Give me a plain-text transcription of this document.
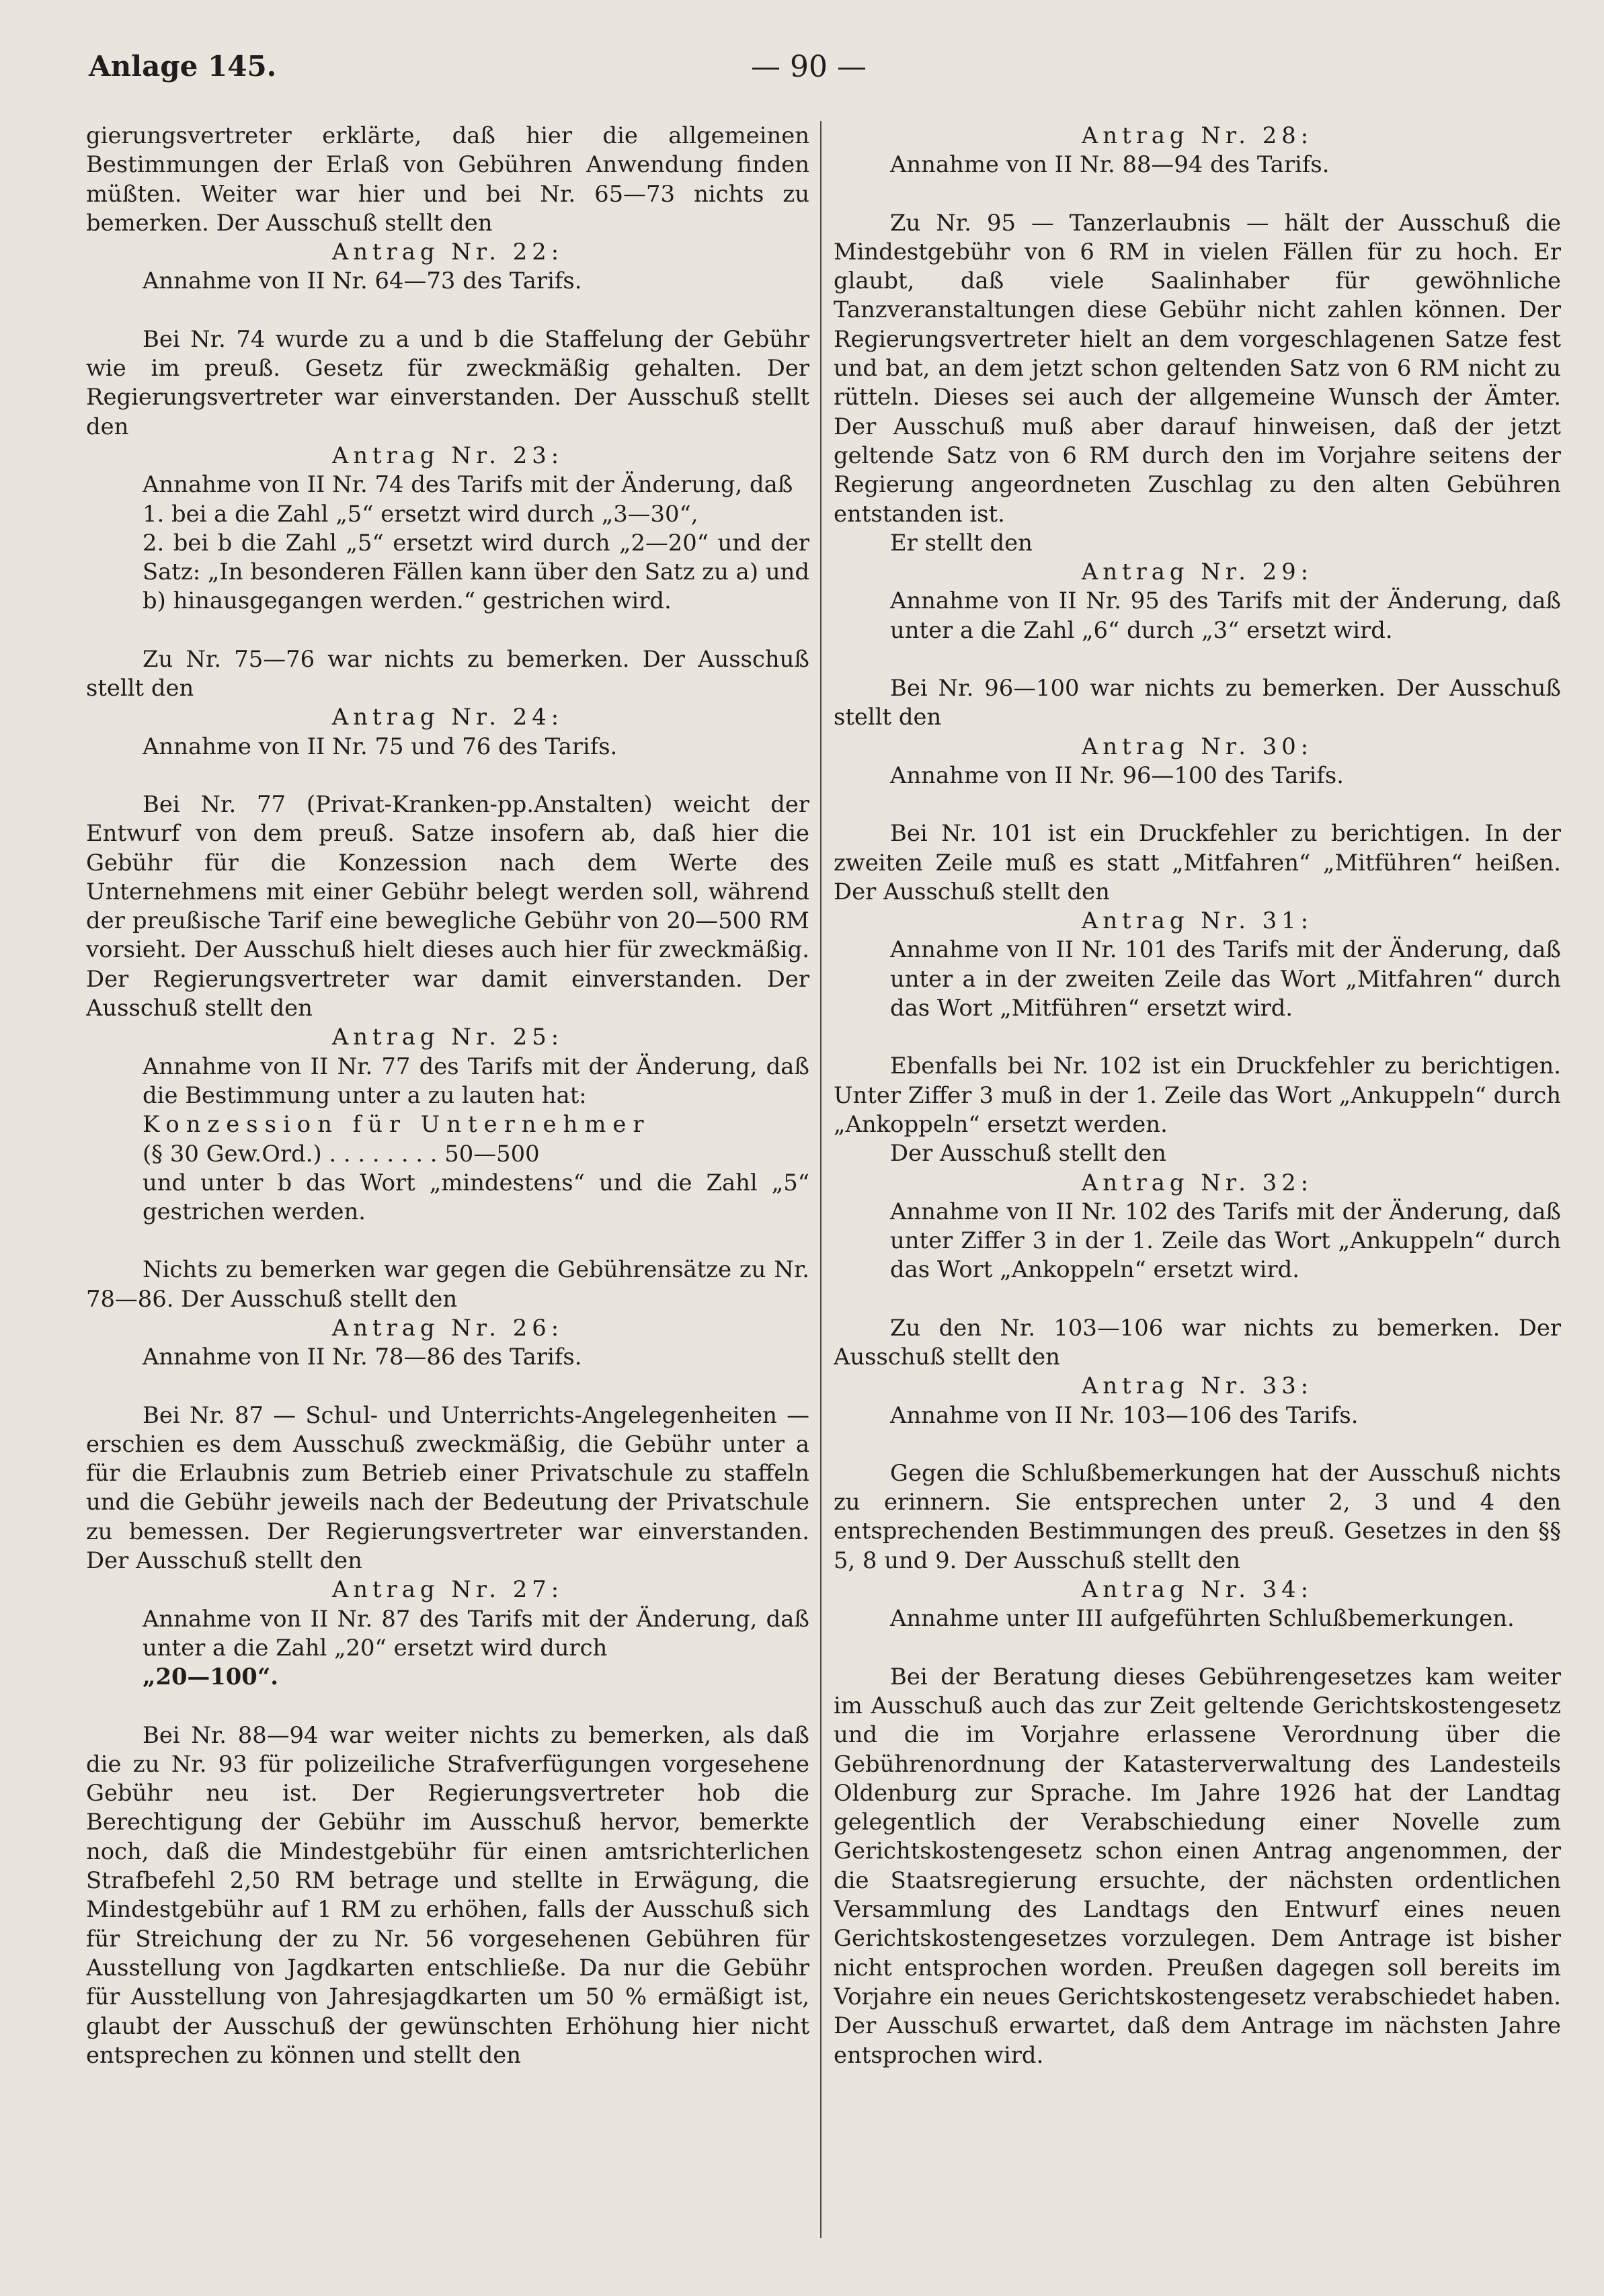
— 90 —
Anlage 145.

gierungsvertreter erklärte, daß hier die allgemeinen Bestimmungen der Erlaß von Gebühren Anwendung finden müßten. Weiter war hier und bei Nr. 65—73 nichts zu bemerken. Der Ausschuß stellt den

Antrag Nr. 22:

Annahme von II Nr. 64—73 des Tarifs.

Bei Nr. 74 wurde zu a und b die Staffelung der Gebühr wie im preuß. Gesetz für zweckmäßig gehalten. Der Regierungsvertreter war einverstanden. Der Ausschuß stellt den

Antrag Nr. 23:

Annahme von II Nr. 74 des Tarifs mit der Änderung, daß

1. bei a die Zahl „5“ ersetzt wird durch „3—30“,

2. bei b die Zahl „5“ ersetzt wird durch „2—20“ und der Satz: „In besonderen Fällen kann über den Satz zu a) und b) hinausgegangen werden.“ gestrichen wird.

Zu Nr. 75—76 war nichts zu bemerken. Der Ausschuß stellt den

Antrag Nr. 24:

Annahme von II Nr. 75 und 76 des Tarifs.

Bei Nr. 77 (Privat-Kranken-pp.Anstalten) weicht der Entwurf von dem preuß. Satze insofern ab, daß hier die Gebühr für die Konzession nach dem Werte des Unternehmens mit einer Gebühr belegt werden soll, während der preußische Tarif eine bewegliche Gebühr von 20—500 RM vorsieht. Der Ausschuß hielt dieses auch hier für zweckmäßig. Der Regierungsvertreter war damit einverstanden. Der Ausschuß stellt den

Antrag Nr. 25:

Annahme von II Nr. 77 des Tarifs mit der Änderung, daß die Bestimmung unter a zu lauten hat:

Konzession für Unternehmer

(§ 30 Gew.Ord.) . . . . . . . . 50—500

und unter b das Wort „mindestens“ und die Zahl „5“ gestrichen werden.

Nichts zu bemerken war gegen die Gebührensätze zu Nr. 78—86. Der Ausschuß stellt den

Antrag Nr. 26:

Annahme von II Nr. 78—86 des Tarifs.

Bei Nr. 87 — Schul- und Unterrichts-Angelegenheiten — erschien es dem Ausschuß zweckmäßig, die Gebühr unter a für die Erlaubnis zum Betrieb einer Privatschule zu staffeln und die Gebühr jeweils nach der Bedeutung der Privatschule zu bemessen. Der Regierungsvertreter war einverstanden. Der Ausschuß stellt den

Antrag Nr. 27:

Annahme von II Nr. 87 des Tarifs mit der Änderung, daß unter a die Zahl „20“ ersetzt wird durch

„20—100“.

Bei Nr. 88—94 war weiter nichts zu bemerken, als daß die zu Nr. 93 für polizeiliche Strafverfügungen vorgesehene Gebühr neu ist. Der Regierungsvertreter hob die Berechtigung der Gebühr im Ausschuß hervor, bemerkte noch, daß die Mindestgebühr für einen amtsrichterlichen Strafbefehl 2,50 RM betrage und stellte in Erwägung, die Mindestgebühr auf 1 RM zu erhöhen, falls der Ausschuß sich für Streichung der zu Nr. 56 vorgesehenen Gebühren für Ausstellung von Jagdkarten entschließe. Da nur die Gebühr für Ausstellung von Jahresjagdkarten um 50 % ermäßigt ist, glaubt der Ausschuß der gewünschten Erhöhung hier nicht entsprechen zu können und stellt den

Antrag Nr. 28:

Annahme von II Nr. 88—94 des Tarifs.

Zu Nr. 95 — Tanzerlaubnis — hält der Ausschuß die Mindestgebühr von 6 RM in vielen Fällen für zu hoch. Er glaubt, daß viele Saalinhaber für gewöhnliche Tanzveranstaltungen diese Gebühr nicht zahlen können. Der Regierungsvertreter hielt an dem vorgeschlagenen Satze fest und bat, an dem jetzt schon geltenden Satz von 6 RM nicht zu rütteln. Dieses sei auch der allgemeine Wunsch der Ämter. Der Ausschuß muß aber darauf hinweisen, daß der jetzt geltende Satz von 6 RM durch den im Vorjahre seitens der Regierung angeordneten Zuschlag zu den alten Gebühren entstanden ist.

Er stellt den

Antrag Nr. 29:

Annahme von II Nr. 95 des Tarifs mit der Änderung, daß unter a die Zahl „6“ durch „3“ ersetzt wird.

Bei Nr. 96—100 war nichts zu bemerken. Der Ausschuß stellt den

Antrag Nr. 30:

Annahme von II Nr. 96—100 des Tarifs.

Bei Nr. 101 ist ein Druckfehler zu berichtigen. In der zweiten Zeile muß es statt „Mitfahren“ „Mitführen“ heißen. Der Ausschuß stellt den

Antrag Nr. 31:

Annahme von II Nr. 101 des Tarifs mit der Änderung, daß unter a in der zweiten Zeile das Wort „Mitfahren“ durch das Wort „Mitführen“ ersetzt wird.

Ebenfalls bei Nr. 102 ist ein Druckfehler zu berichtigen. Unter Ziffer 3 muß in der 1. Zeile das Wort „Ankuppeln“ durch „Ankoppeln“ ersetzt werden.

Der Ausschuß stellt den

Antrag Nr. 32:

Annahme von II Nr. 102 des Tarifs mit der Änderung, daß unter Ziffer 3 in der 1. Zeile das Wort „Ankuppeln“ durch das Wort „Ankoppeln“ ersetzt wird.

Zu den Nr. 103—106 war nichts zu bemerken. Der Ausschuß stellt den

Antrag Nr. 33:

Annahme von II Nr. 103—106 des Tarifs.

Gegen die Schlußbemerkungen hat der Ausschuß nichts zu erinnern. Sie entsprechen unter 2, 3 und 4 den entsprechenden Bestimmungen des preuß. Gesetzes in den §§ 5, 8 und 9. Der Ausschuß stellt den

Antrag Nr. 34:

Annahme unter III aufgeführten Schlußbemerkungen.

Bei der Beratung dieses Gebührengesetzes kam weiter im Ausschuß auch das zur Zeit geltende Gerichtskostengesetz und die im Vorjahre erlassene Verordnung über die Gebührenordnung der Katasterverwaltung des Landesteils Oldenburg zur Sprache. Im Jahre 1926 hat der Landtag gelegentlich der Verabschiedung einer Novelle zum Gerichtskostengesetz schon einen Antrag angenommen, der die Staatsregierung ersuchte, der nächsten ordentlichen Versammlung des Landtags den Entwurf eines neuen Gerichtskostengesetzes vorzulegen. Dem Antrage ist bisher nicht entsprochen worden. Preußen dagegen soll bereits im Vorjahre ein neues Gerichtskostengesetz verabschiedet haben. Der Ausschuß erwartet, daß dem Antrage im nächsten Jahre entsprochen wird.
